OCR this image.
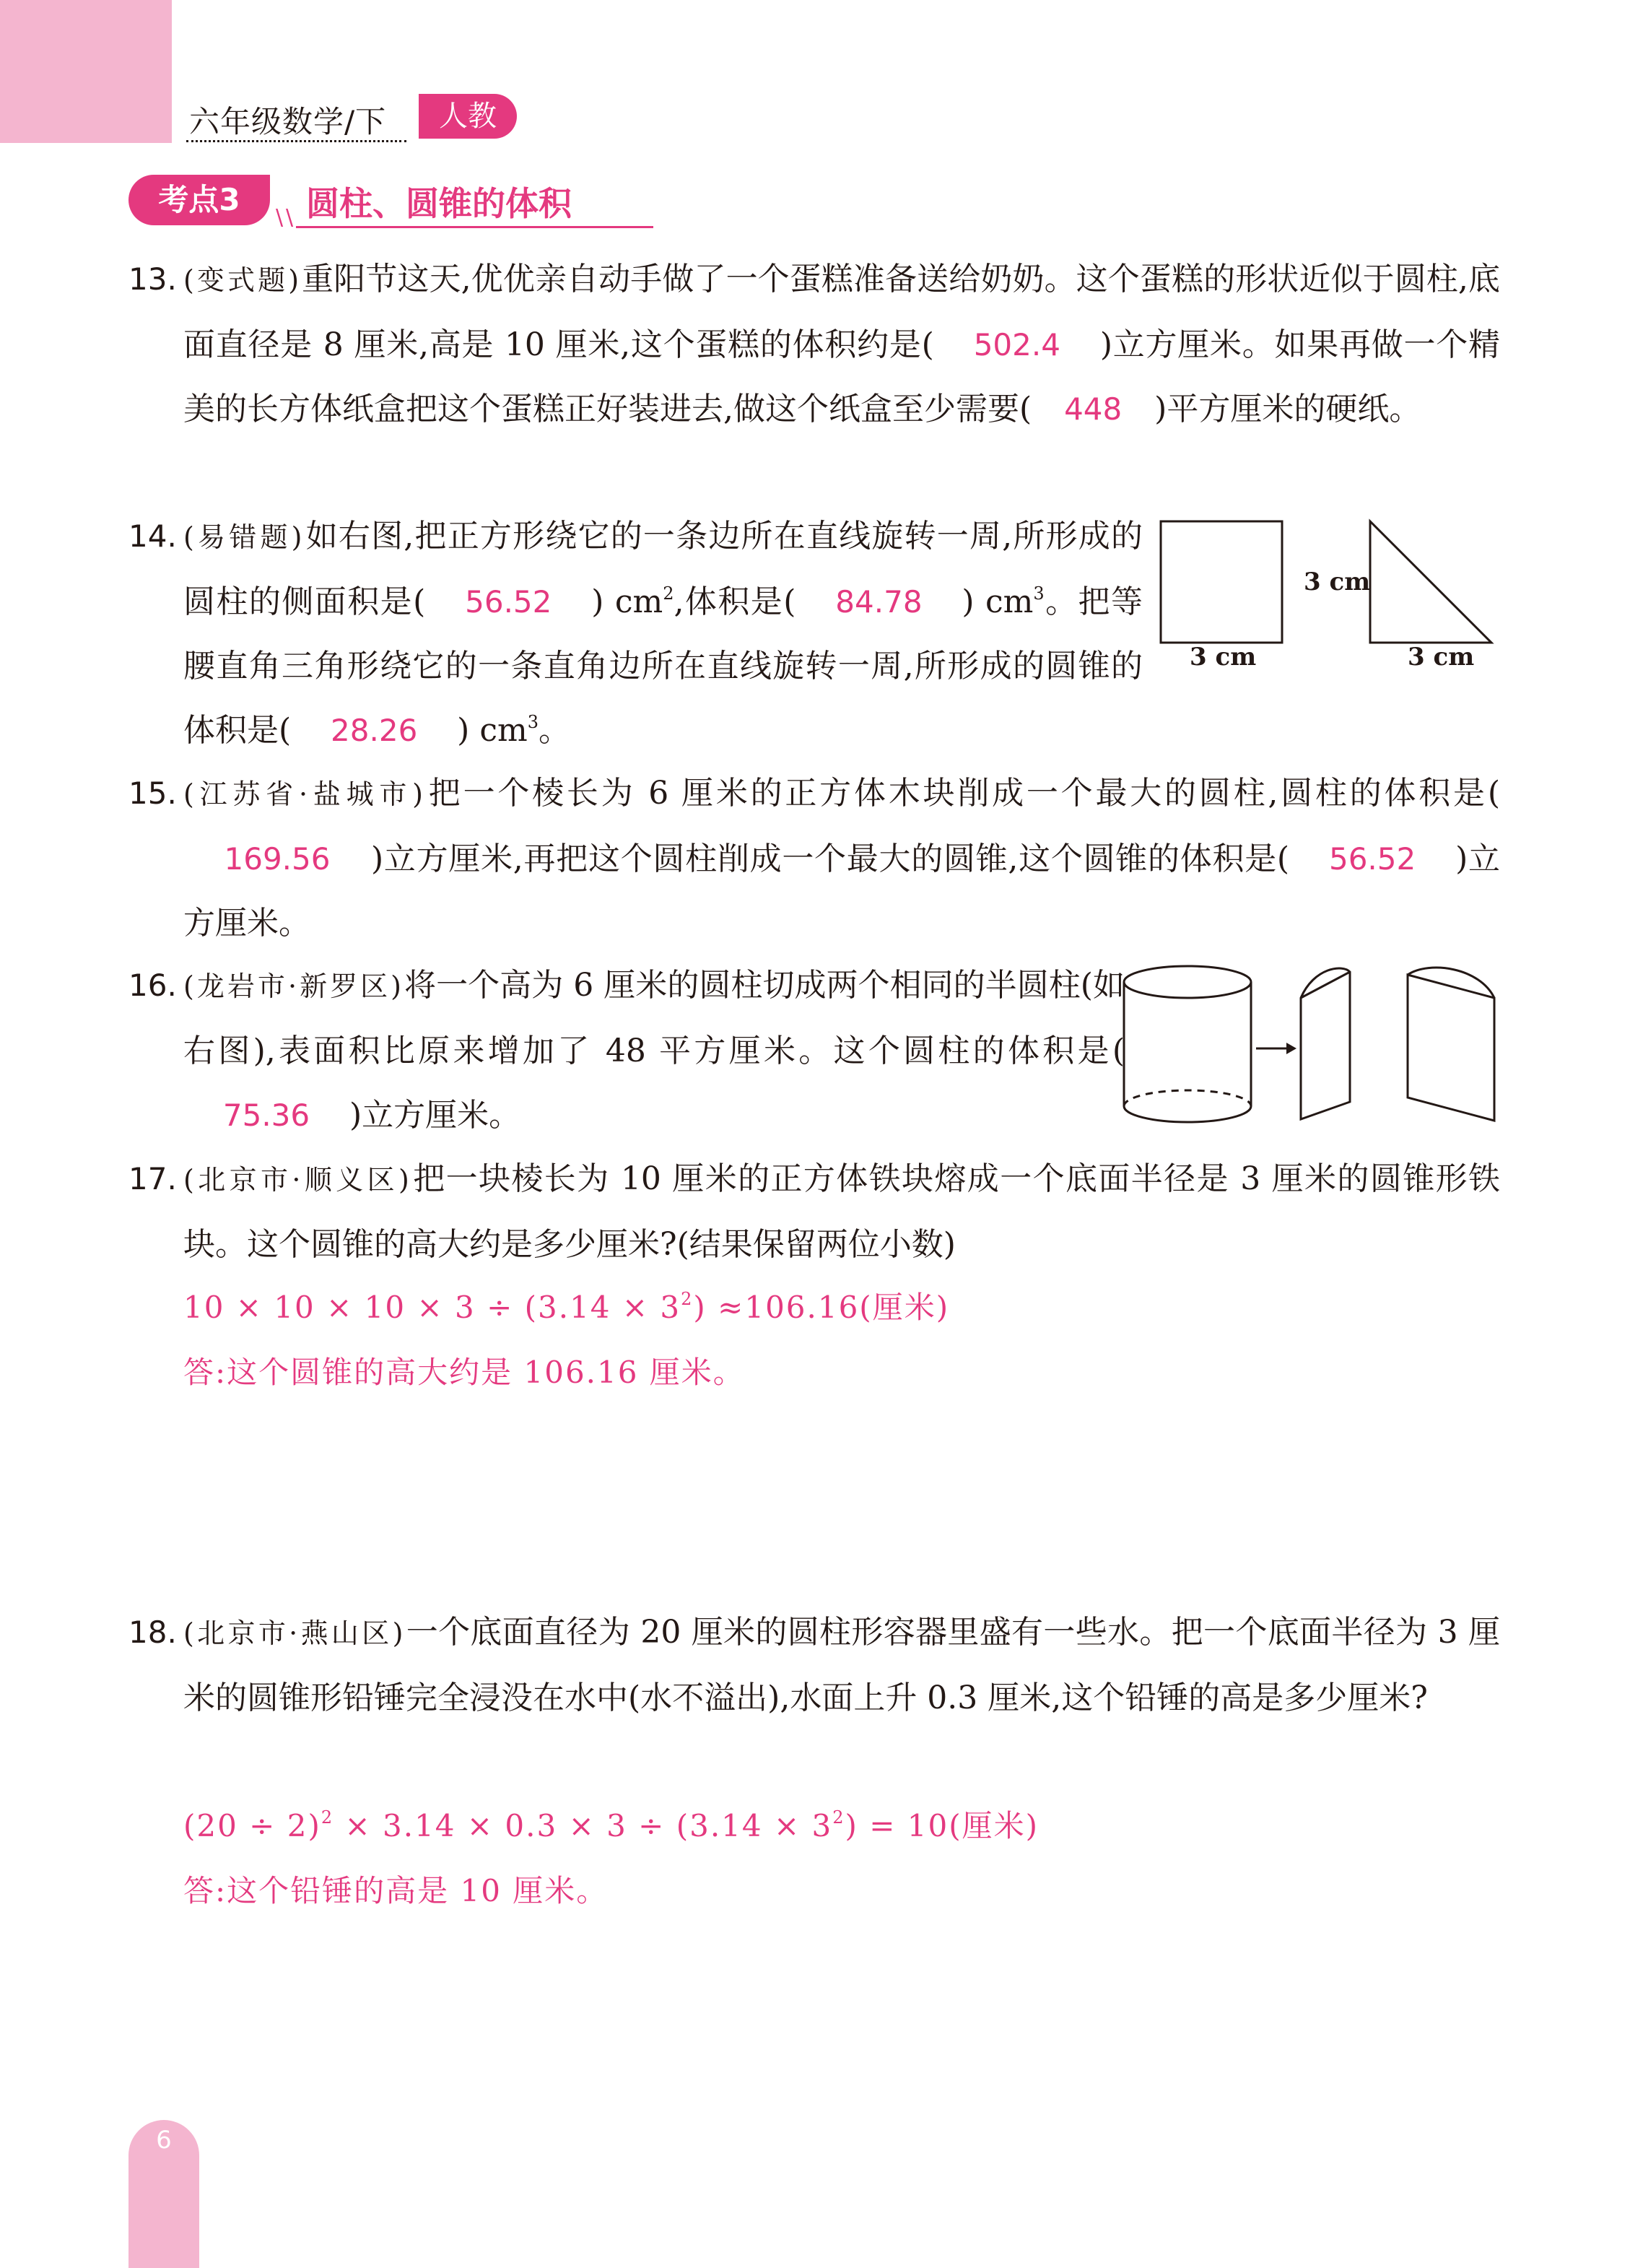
六年级数学/下	人教
考点3
\ \ 圆柱、圆锥的体积
13. (变式题)重阳节这天,优优亲自动手做了一个蛋糕准备送给奶奶。这个蛋糕的形状近似于圆柱,底面直径是 8 厘米,高是 10 厘米,这个蛋糕的体积约是( 502.4 )立方厘米。如果再做一个精美的长方体纸盒把这个蛋糕正好装进去,做这个纸盒至少需要( 448 )平方厘米的硬纸。
14. (易错题)如右图,把正方形绕它的一条边所在直线旋转一周,所形成的圆柱的侧面积是( 56.52 ) $cm^2$,体积是( 84.78 ) $cm^3$。把等腰直角三角形绕它的一条直角边所在直线旋转一周,所形成的圆锥的体积是( 28.26 ) $cm^3$。
3 cm
3 cm
3 cm
15. (江苏省·盐城市)把一个棱长为 6 厘米的正方体木块削成一个最大的圆柱,圆柱的体积是(169.56 )立方厘米,再把这个圆柱削成一个最大的圆锥,这个圆锥的体积是( 56.52 )立方厘米。
16. (龙岩市·新罗区)将一个高为 6 厘米的圆柱切成两个相同的半圆柱(如右图),表面积比原来增加了 48 平方厘米。这个圆柱的体积是(75.36 )立方厘米。
17. (北京市·顺义区)把一块棱长为 10 厘米的正方体铁块熔成一个底面半径是 3 厘米的圆锥形铁块。这个圆锥的高大约是多少厘米?(结果保留两位小数)
$10 \times 10 \times 10 \times 3 \div (3.14 \times 3^2) \approx 106.16$(厘米)
答:这个圆锥的高大约是 106.16 厘米。
18. (北京市·燕山区)一个底面直径为 20 厘米的圆柱形容器里盛有一些水。把一个底面半径为 3 厘米的圆锥形铅锤完全浸没在水中(水不溢出),水面上升 0.3 厘米,这个铅锤的高是多少厘米?
$(20 \div 2)^2 \times 3.14 \times 0.3 \times 3 \div (3.14 \times 3^2) = 10$(厘米)
答:这个铅锤的高是 10 厘米。
6
